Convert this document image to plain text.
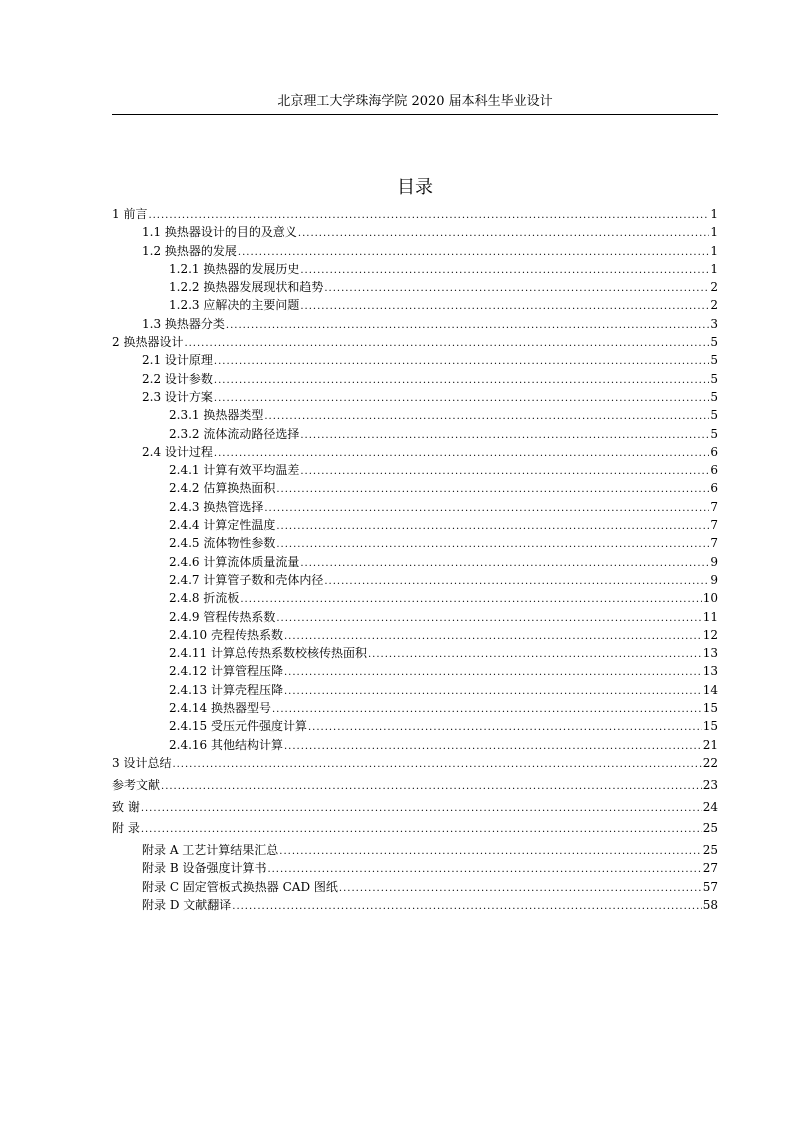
北京理工大学珠海学院 2020 届本科生毕业设计
目录
1 前言 .....	1
1.1 换热器设计的目的及意义 .....	1
1.2 换热器的发展 .....	1
1.2.1 换热器的发展历史 .....	1
1.2.2 换热器发展现状和趋势 .....	2
1.2.3 应解决的主要问题 .....	2
1.3 换热器分类 .....	3
2 换热器设计 .....	5
2.1 设计原理 .....	5
2.2 设计参数 .....	5
2.3 设计方案 .....	5
2.3.1 换热器类型 .....	5
2.3.2 流体流动路径选择 .....	5
2.4 设计过程 .....	6
2.4.1 计算有效平均温差 .....	6
2.4.2 估算换热面积 .....	6
2.4.3 换热管选择 .....	7
2.4.4 计算定性温度 .....	7
2.4.5 流体物性参数 .....	7
2.4.6 计算流体质量流量 .....	9
2.4.7 计算管子数和壳体内径 .....	9
2.4.8 折流板 .....	10
2.4.9 管程传热系数 .....	11
2.4.10 壳程传热系数 .....	12
2.4.11 计算总传热系数校核传热面积 .....	13
2.4.12 计算管程压降 .....	13
2.4.13 计算壳程压降 .....	14
2.4.14 换热器型号 .....	15
2.4.15 受压元件强度计算 .....	15
2.4.16 其他结构计算 .....	21
3 设计总结 .....	22
参考文献 .....	23
致 谢 .....	24
附 录 .....	25
附录 A 工艺计算结果汇总 .....	25
附录 B 设备强度计算书 .....	27
附录 C 固定管板式换热器 CAD 图纸 .....	57
附录 D 文献翻译 .....	58
